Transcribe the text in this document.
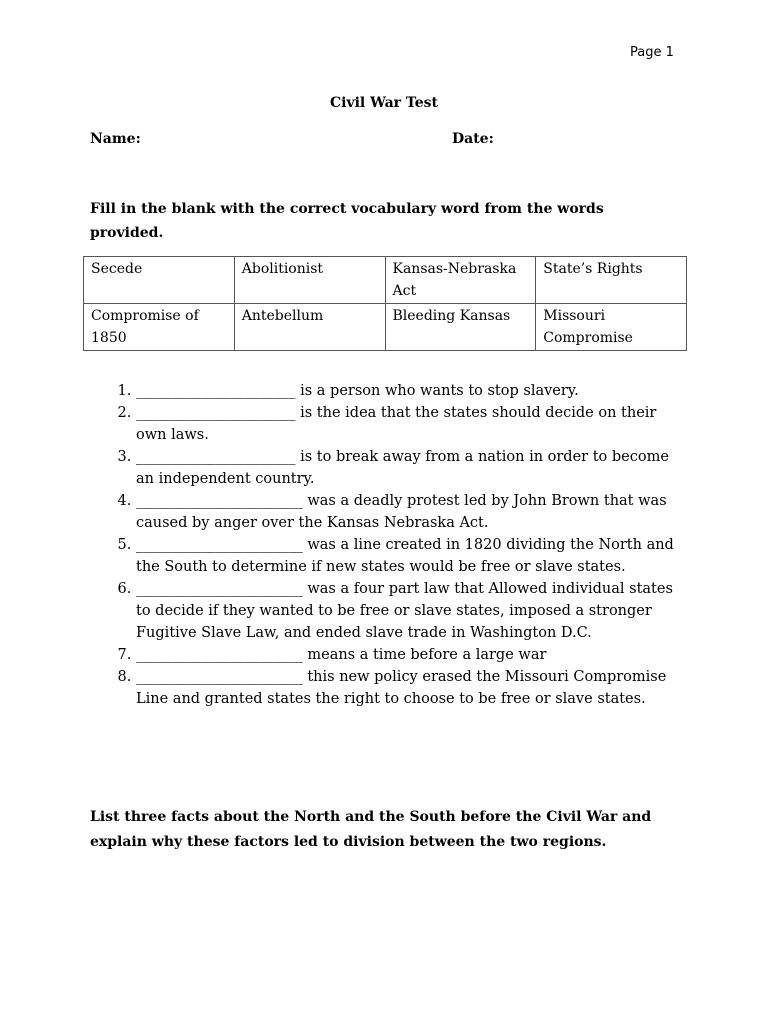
Page 1
Civil War Test
Name:	Date:
Fill in the blank with the correct vocabulary word from the words provided.
Secede	Abolitionist	Kansas-Nebraska Act	State’s Rights
Compromise of 1850	Antebellum	Bleeding Kansas	Missouri Compromise
1. ______________________ is a person who wants to stop slavery.
2. ______________________ is the idea that the states should decide on their own laws.
3. ______________________ is to break away from a nation in order to become an independent country.
4. _______________________ was a deadly protest led by John Brown that was caused by anger over the Kansas Nebraska Act.
5. _______________________ was a line created in 1820 dividing the North and the South to determine if new states would be free or slave states.
6. _______________________ was a four part law that Allowed individual states to decide if they wanted to be free or slave states, imposed a stronger Fugitive Slave Law, and ended slave trade in Washington D.C.
7. _______________________ means a time before a large war
8. _______________________ this new policy erased the Missouri Compromise Line and granted states the right to choose to be free or slave states.
List three facts about the North and the South before the Civil War and explain why these factors led to division between the two regions.
